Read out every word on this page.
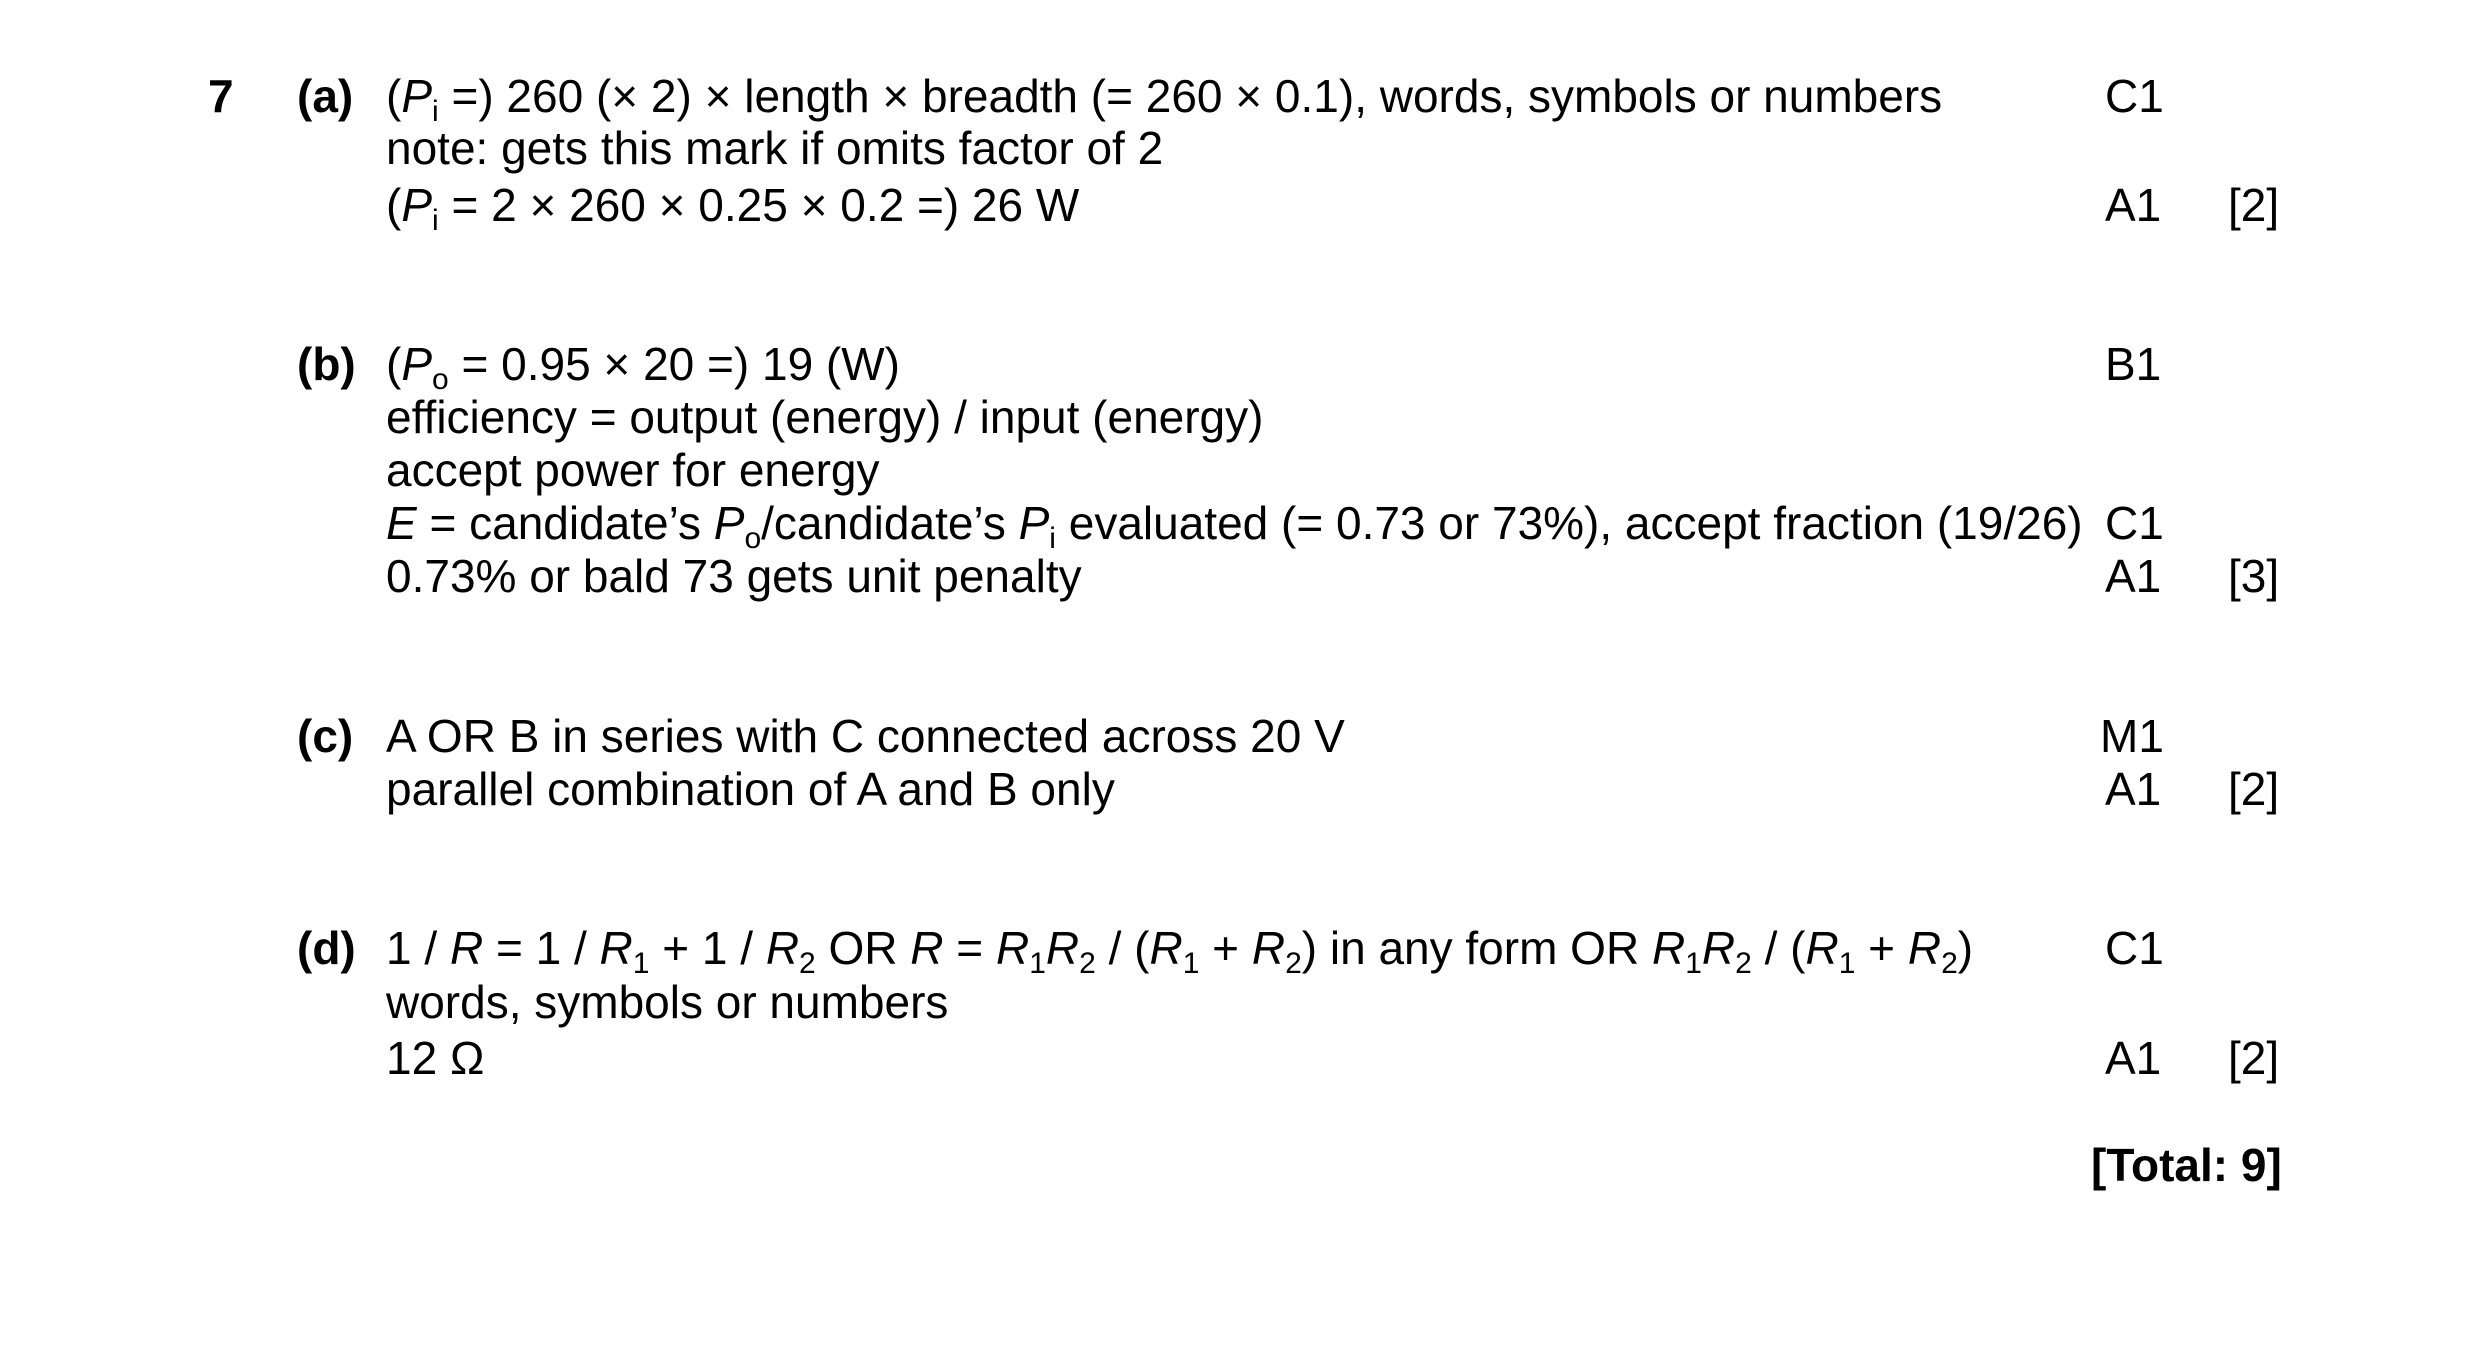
7 (a) ($P_i$ =) 260 (× 2) × length × breadth (= 260 × 0.1), words, symbols or numbers
note: gets this mark if omits factor of 2
($P_i = 2 \times 260 \times 0.25 \times 0.2$ =) 26 W
C1
A1 [2]
(b) ($P_o = 0.95 \times 20$ =) 19 (W)
efficiency = output (energy) / input (energy)
accept power for energy
E = candidate’s $P_o/candidate’s$ $P_i$ evaluated (= 0.73 or 73%), accept fraction (19/26)
0.73% or bald 73 gets unit penalty
B1
C1
A1 [3]
(c) A OR B in series with C connected across 20 V
parallel combination of A and B only
M1
A1 [2]
(d) $1 / R = 1 / R_1 + 1 / R_2$ OR $R = R_1R_2 / (R_1 + R_2)$ in any form OR $R_1R_2 / (R_1 + R_2)$
words, symbols or numbers
12 Ω
C1
A1 [2]
[Total: 9]
